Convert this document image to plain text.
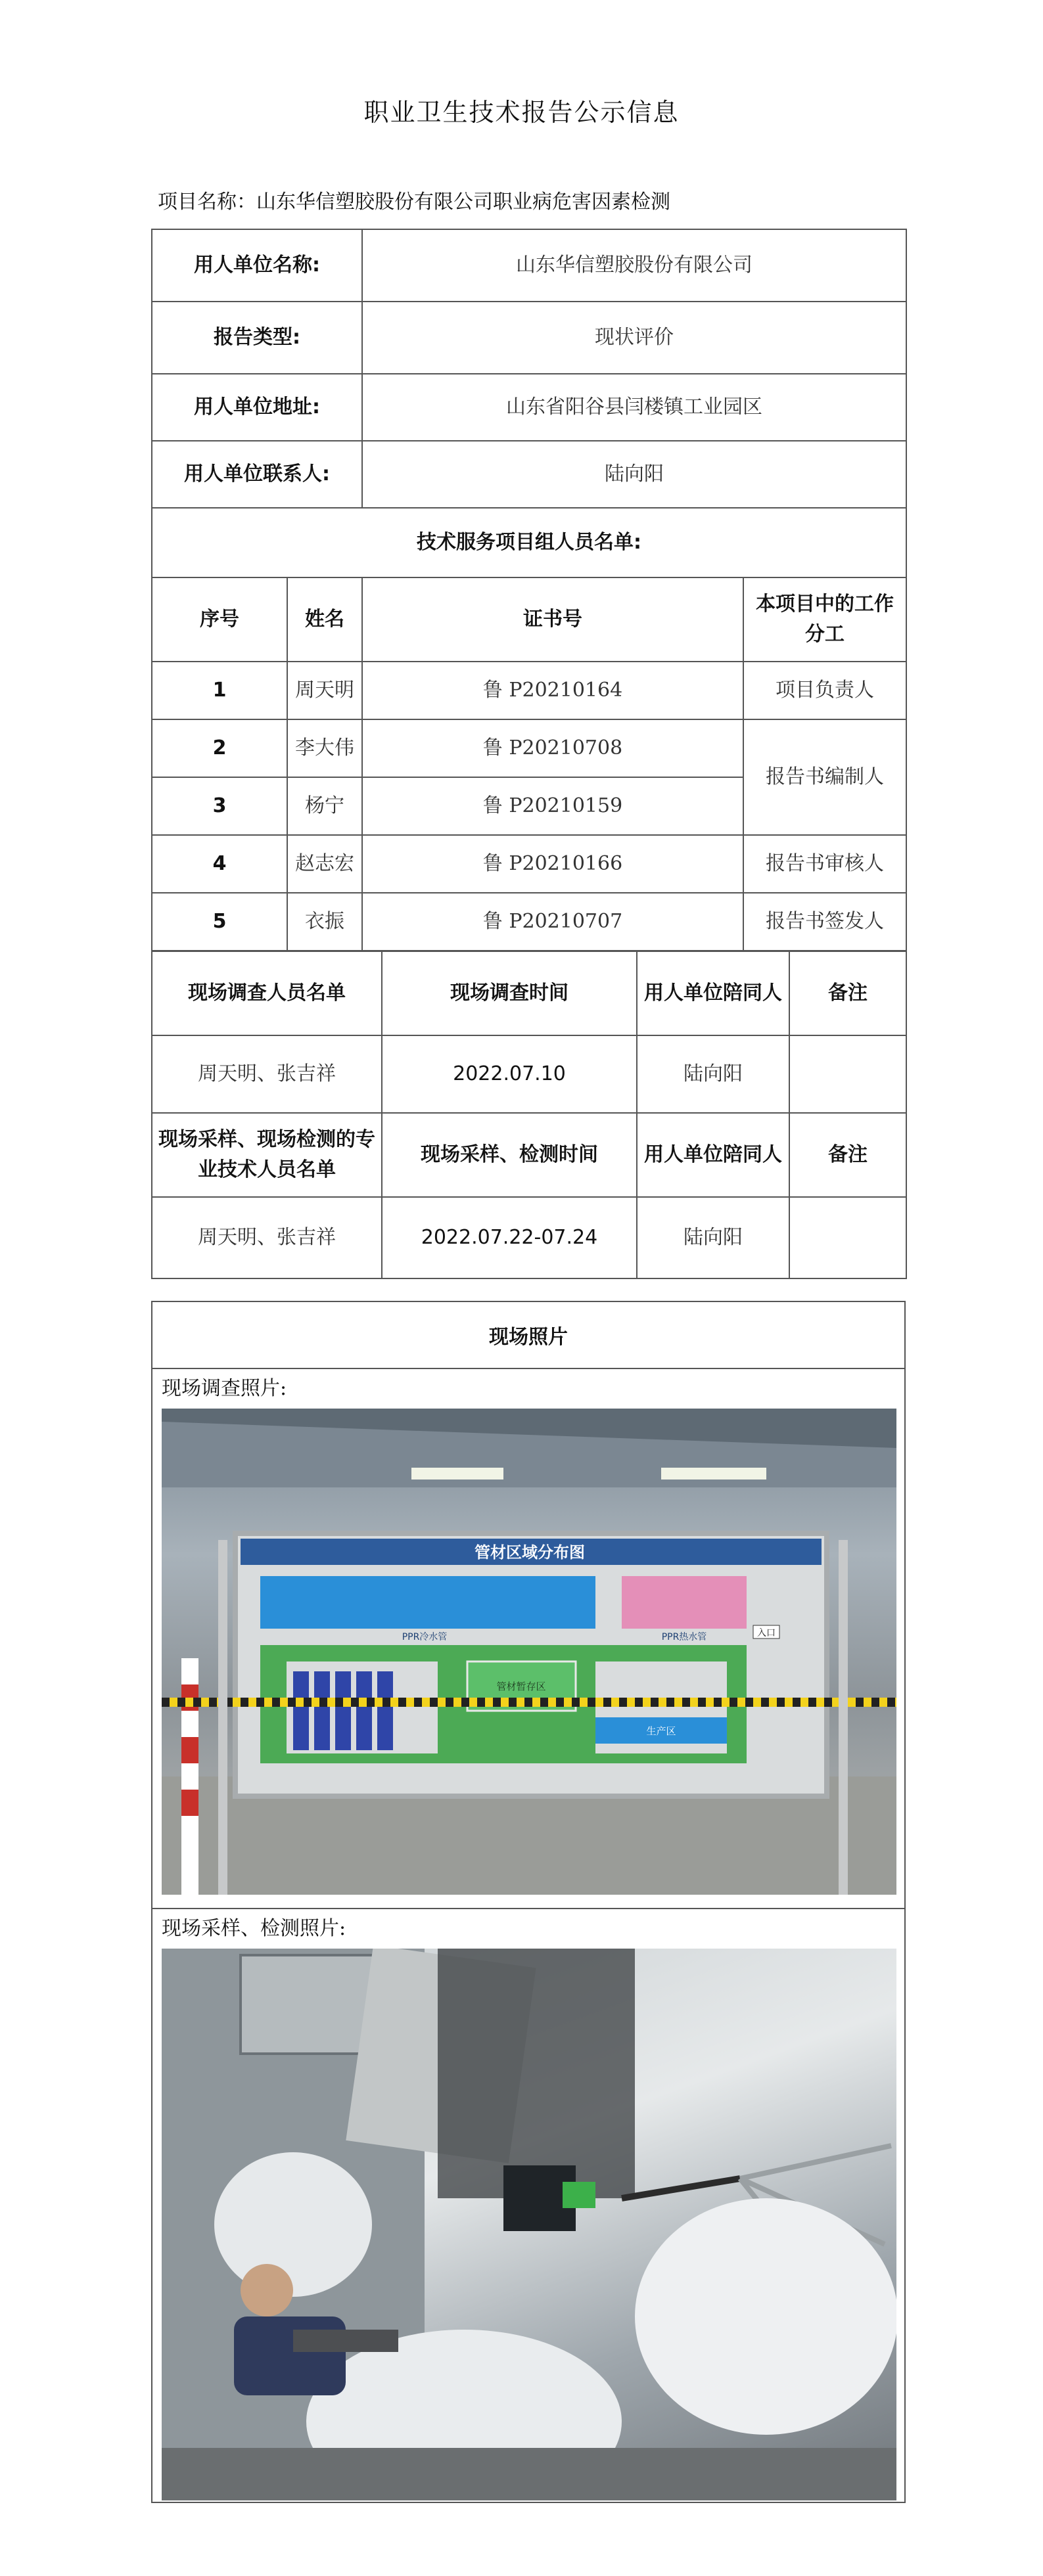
职业卫生技术报告公示信息
项目名称：山东华信塑胶股份有限公司职业病危害因素检测
用人单位名称:		山东华信塑胶股份有限公司	
报告类型:		现状评价	
用人单位地址:		山东省阳谷县闫楼镇工业园区	
用人单位联系人:		陆向阳	
技术服务项目组人员名单:			
序号	姓名	证书号	本项目中的工作分工
1	周天明	鲁 P20210164	项目负责人
2	李大伟	鲁 P20210708	报告书编制人
3	杨宁	鲁 P20210159	
4	赵志宏	鲁 P20210166	报告书审核人
5	衣振	鲁 P20210707	报告书签发人
现场调查人员名单	现场调查时间	用人单位陪同人	备注
周天明、张吉祥	2022.07.10	陆向阳	
现场采样、现场检测的专业技术人员名单	现场采样、检测时间	用人单位陪同人	备注
周天明、张吉祥	2022.07.22-07.24	陆向阳	
现场照片
现场调查照片:
管材区域分布图
PPR冷水管	PPR热水管	入口
管材暂存区
生产区
现场采样、检测照片:
